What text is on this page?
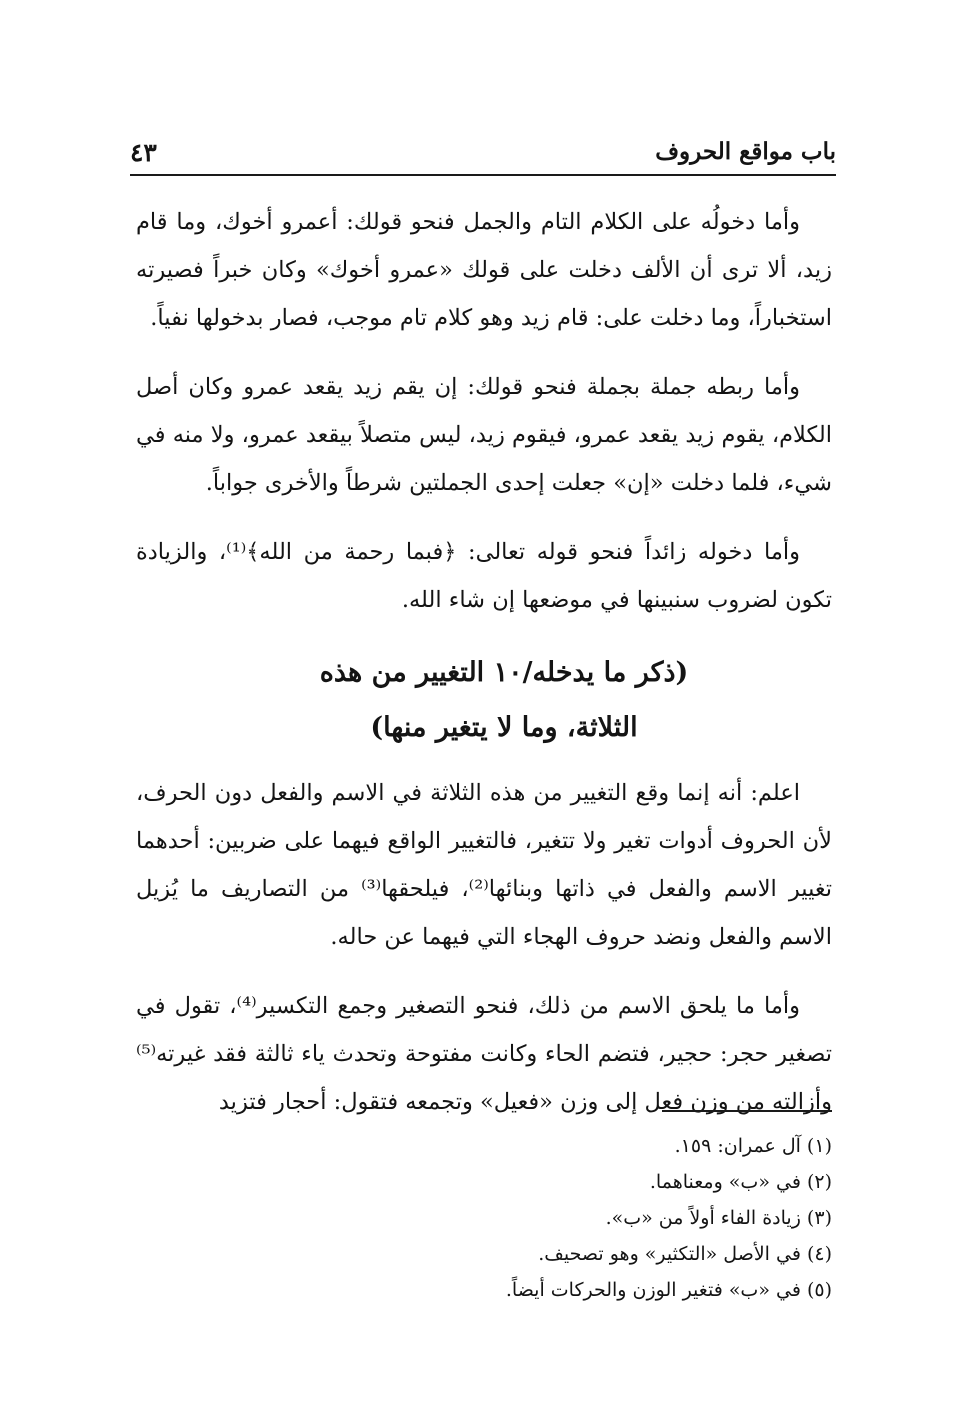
باب مواقع الحروف
٤٣

وأما دخولُه على الكلام التام والجمل فنحو قولك: أعمرو أخوك، وما قام زيد، ألا ترى أن الألف دخلت على قولك «عمرو أخوك» وكان خبراً فصيرته استخباراً، وما دخلت على: قام زيد وهو كلام تام موجب، فصار بدخولها نفياً.

وأما ربطه جملة بجملة فنحو قولك: إن يقم زيد يقعد عمرو وكان أصل الكلام، يقوم زيد يقعد عمرو، فيقوم زيد، ليس متصلاً بيقعد عمرو، ولا منه في شيء، فلما دخلت «إن» جعلت إحدى الجملتين شرطاً والأخرى جواباً.

وأما دخوله زائداً فنحو قوله تعالى: ﴿فبما رحمة من الله﴾⁽¹⁾، والزيادة تكون لضروب سنبينها في موضعها إن شاء الله.

(ذكر ما يدخله/١٠ التغيير من هذه
الثلاثة، وما لا يتغير منها)

اعلم: أنه إنما وقع التغيير من هذه الثلاثة في الاسم والفعل دون الحرف، لأن الحروف أدوات تغير ولا تتغير، فالتغيير الواقع فيهما على ضربين: أحدهما تغيير الاسم والفعل في ذاتها وبنائها⁽²⁾، فيلحقها⁽³⁾ من التصاريف ما يُزيل الاسم والفعل ونضد حروف الهجاء التي فيهما عن حاله.

وأما ما يلحق الاسم من ذلك، فنحو التصغير وجمع التكسير⁽⁴⁾، تقول في تصغير حجر: حجير، فتضم الحاء وكانت مفتوحة وتحدث ياء ثالثة فقد غيرته⁽⁵⁾ وأزالته من وزن فعل إلى وزن «فعيل» وتجمعه فتقول: أحجار فتزيد

(١) آل عمران: ١٥٩.
(٢) في «ب» ومعناهما.
(٣) زيادة الفاء أولاً من «ب».
(٤) في الأصل «التكثير» وهو تصحيف.
(٥) في «ب» فتغير الوزن والحركات أيضاً.
